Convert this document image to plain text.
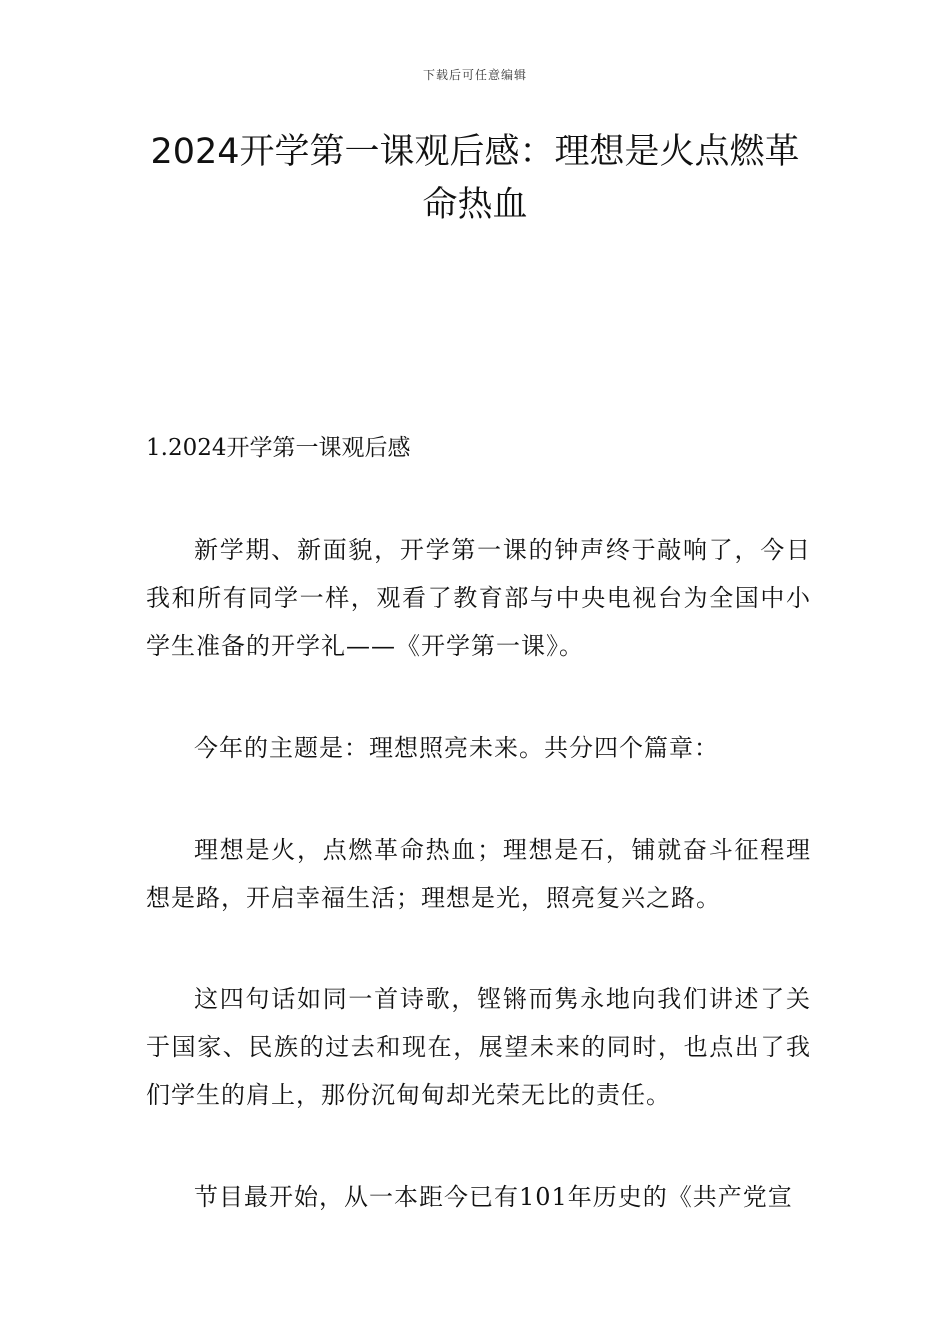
下载后可任意编辑
2024开学第一课观后感：理想是火点燃革命热血
1.2024开学第一课观后感

新学期、新面貌，开学第一课的钟声终于敲响了，今日我和所有同学一样，观看了教育部与中央电视台为全国中小学生准备的开学礼——《开学第一课》。

今年的主题是：理想照亮未来。共分四个篇章：

理想是火，点燃革命热血；理想是石，铺就奋斗征程理想是路，开启幸福生活；理想是光，照亮复兴之路。

这四句话如同一首诗歌，铿锵而隽永地向我们讲述了关于国家、民族的过去和现在，展望未来的同时，也点出了我们学生的肩上，那份沉甸甸却光荣无比的责任。

节目最开始，从一本距今已有101年历史的《共产党宣
